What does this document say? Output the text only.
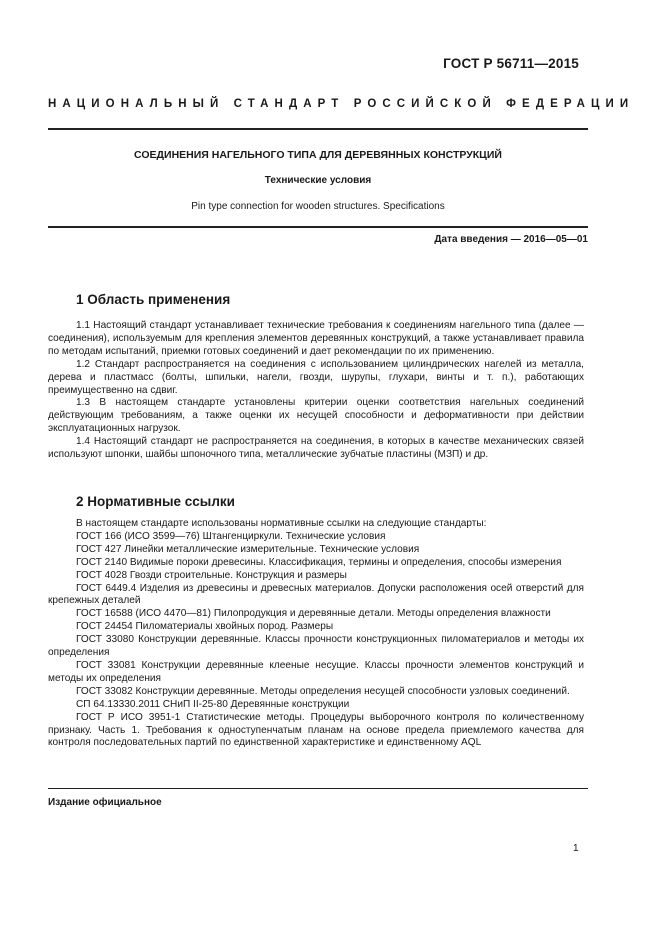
ГОСТ Р 56711—2015
НАЦИОНАЛЬНЫЙ СТАНДАРТ РОССИЙСКОЙ ФЕДЕРАЦИИ
СОЕДИНЕНИЯ НАГЕЛЬНОГО ТИПА ДЛЯ ДЕРЕВЯННЫХ КОНСТРУКЦИЙ
Технические условия
Pin type connection for wooden structures. Specifications
Дата введения — 2016—05—01
1 Область применения

1.1 Настоящий стандарт устанавливает технические требования к соединениям нагельного типа (далее — соединения), используемым для крепления элементов деревянных конструкций, а также устанавливает правила по методам испытаний, приемки готовых соединений и дает рекомендации по их применению.

1.2 Стандарт распространяется на соединения с использованием цилиндрических нагелей из металла, дерева и пластмасс (болты, шпильки, нагели, гвозди, шурупы, глухари, винты и т. п.), работающих преимущественно на сдвиг.

1.3 В настоящем стандарте установлены критерии оценки соответствия нагельных соединений действующим требованиям, а также оценки их несущей способности и деформативности при действии эксплуатационных нагрузок.

1.4 Настоящий стандарт не распространяется на соединения, в которых в качестве механических связей используют шпонки, шайбы шпоночного типа, металлические зубчатые пластины (МЗП) и др.

2 Нормативные ссылки

В настоящем стандарте использованы нормативные ссылки на следующие стандарты:

ГОСТ 166 (ИСО 3599—76) Штангенциркули. Технические условия

ГОСТ 427 Линейки металлические измерительные. Технические условия

ГОСТ 2140 Видимые пороки древесины. Классификация, термины и определения, способы измерения

ГОСТ 4028 Гвозди строительные. Конструкция и размеры

ГОСТ 6449.4 Изделия из древесины и древесных материалов. Допуски расположения осей отверстий для крепежных деталей

ГОСТ 16588 (ИСО 4470—81) Пилопродукция и деревянные детали. Методы определения влажности

ГОСТ 24454 Пиломатериалы хвойных пород. Размеры

ГОСТ 33080 Конструкции деревянные. Классы прочности конструкционных пиломатериалов и методы их определения

ГОСТ 33081 Конструкции деревянные клееные несущие. Классы прочности элементов конструкций и методы их определения

ГОСТ 33082 Конструкции деревянные. Методы определения несущей способности узловых соединений.

СП 64.13330.2011 СНиП II-25-80 Деревянные конструкции

ГОСТ Р ИСО 3951-1 Статистические методы. Процедуры выборочного контроля по количественному признаку. Часть 1. Требования к одноступенчатым планам на основе предела приемлемого качества для контроля последовательных партий по единственной характеристике и единственному AQL

Издание официальное
1
